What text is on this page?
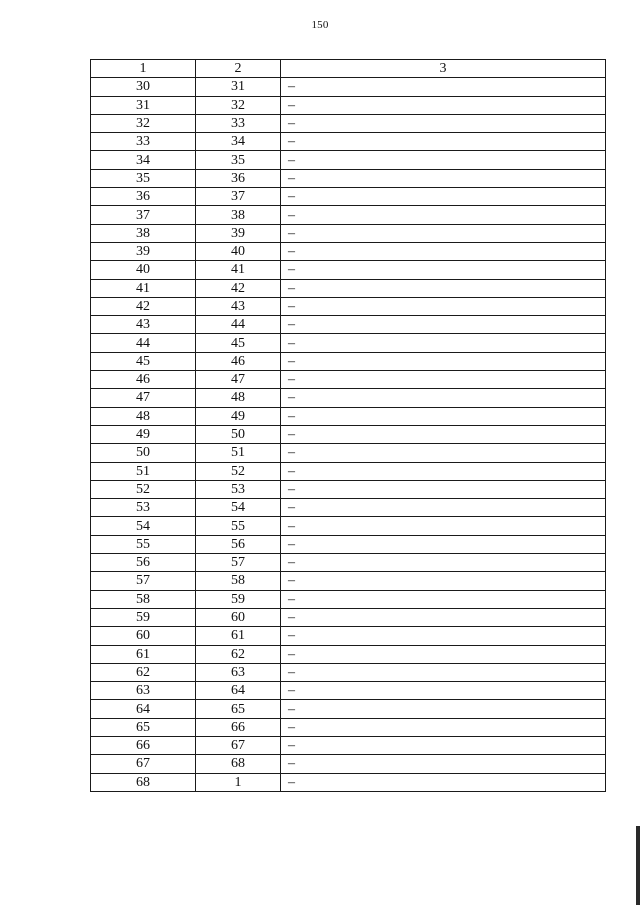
150
1	2	3
30	31	–
31	32	–
32	33	–
33	34	–
34	35	–
35	36	–
36	37	–
37	38	–
38	39	–
39	40	–
40	41	–
41	42	–
42	43	–
43	44	–
44	45	–
45	46	–
46	47	–
47	48	–
48	49	–
49	50	–
50	51	–
51	52	–
52	53	–
53	54	–
54	55	–
55	56	–
56	57	–
57	58	–
58	59	–
59	60	–
60	61	–
61	62	–
62	63	–
63	64	–
64	65	–
65	66	–
66	67	–
67	68	–
68	1	–
